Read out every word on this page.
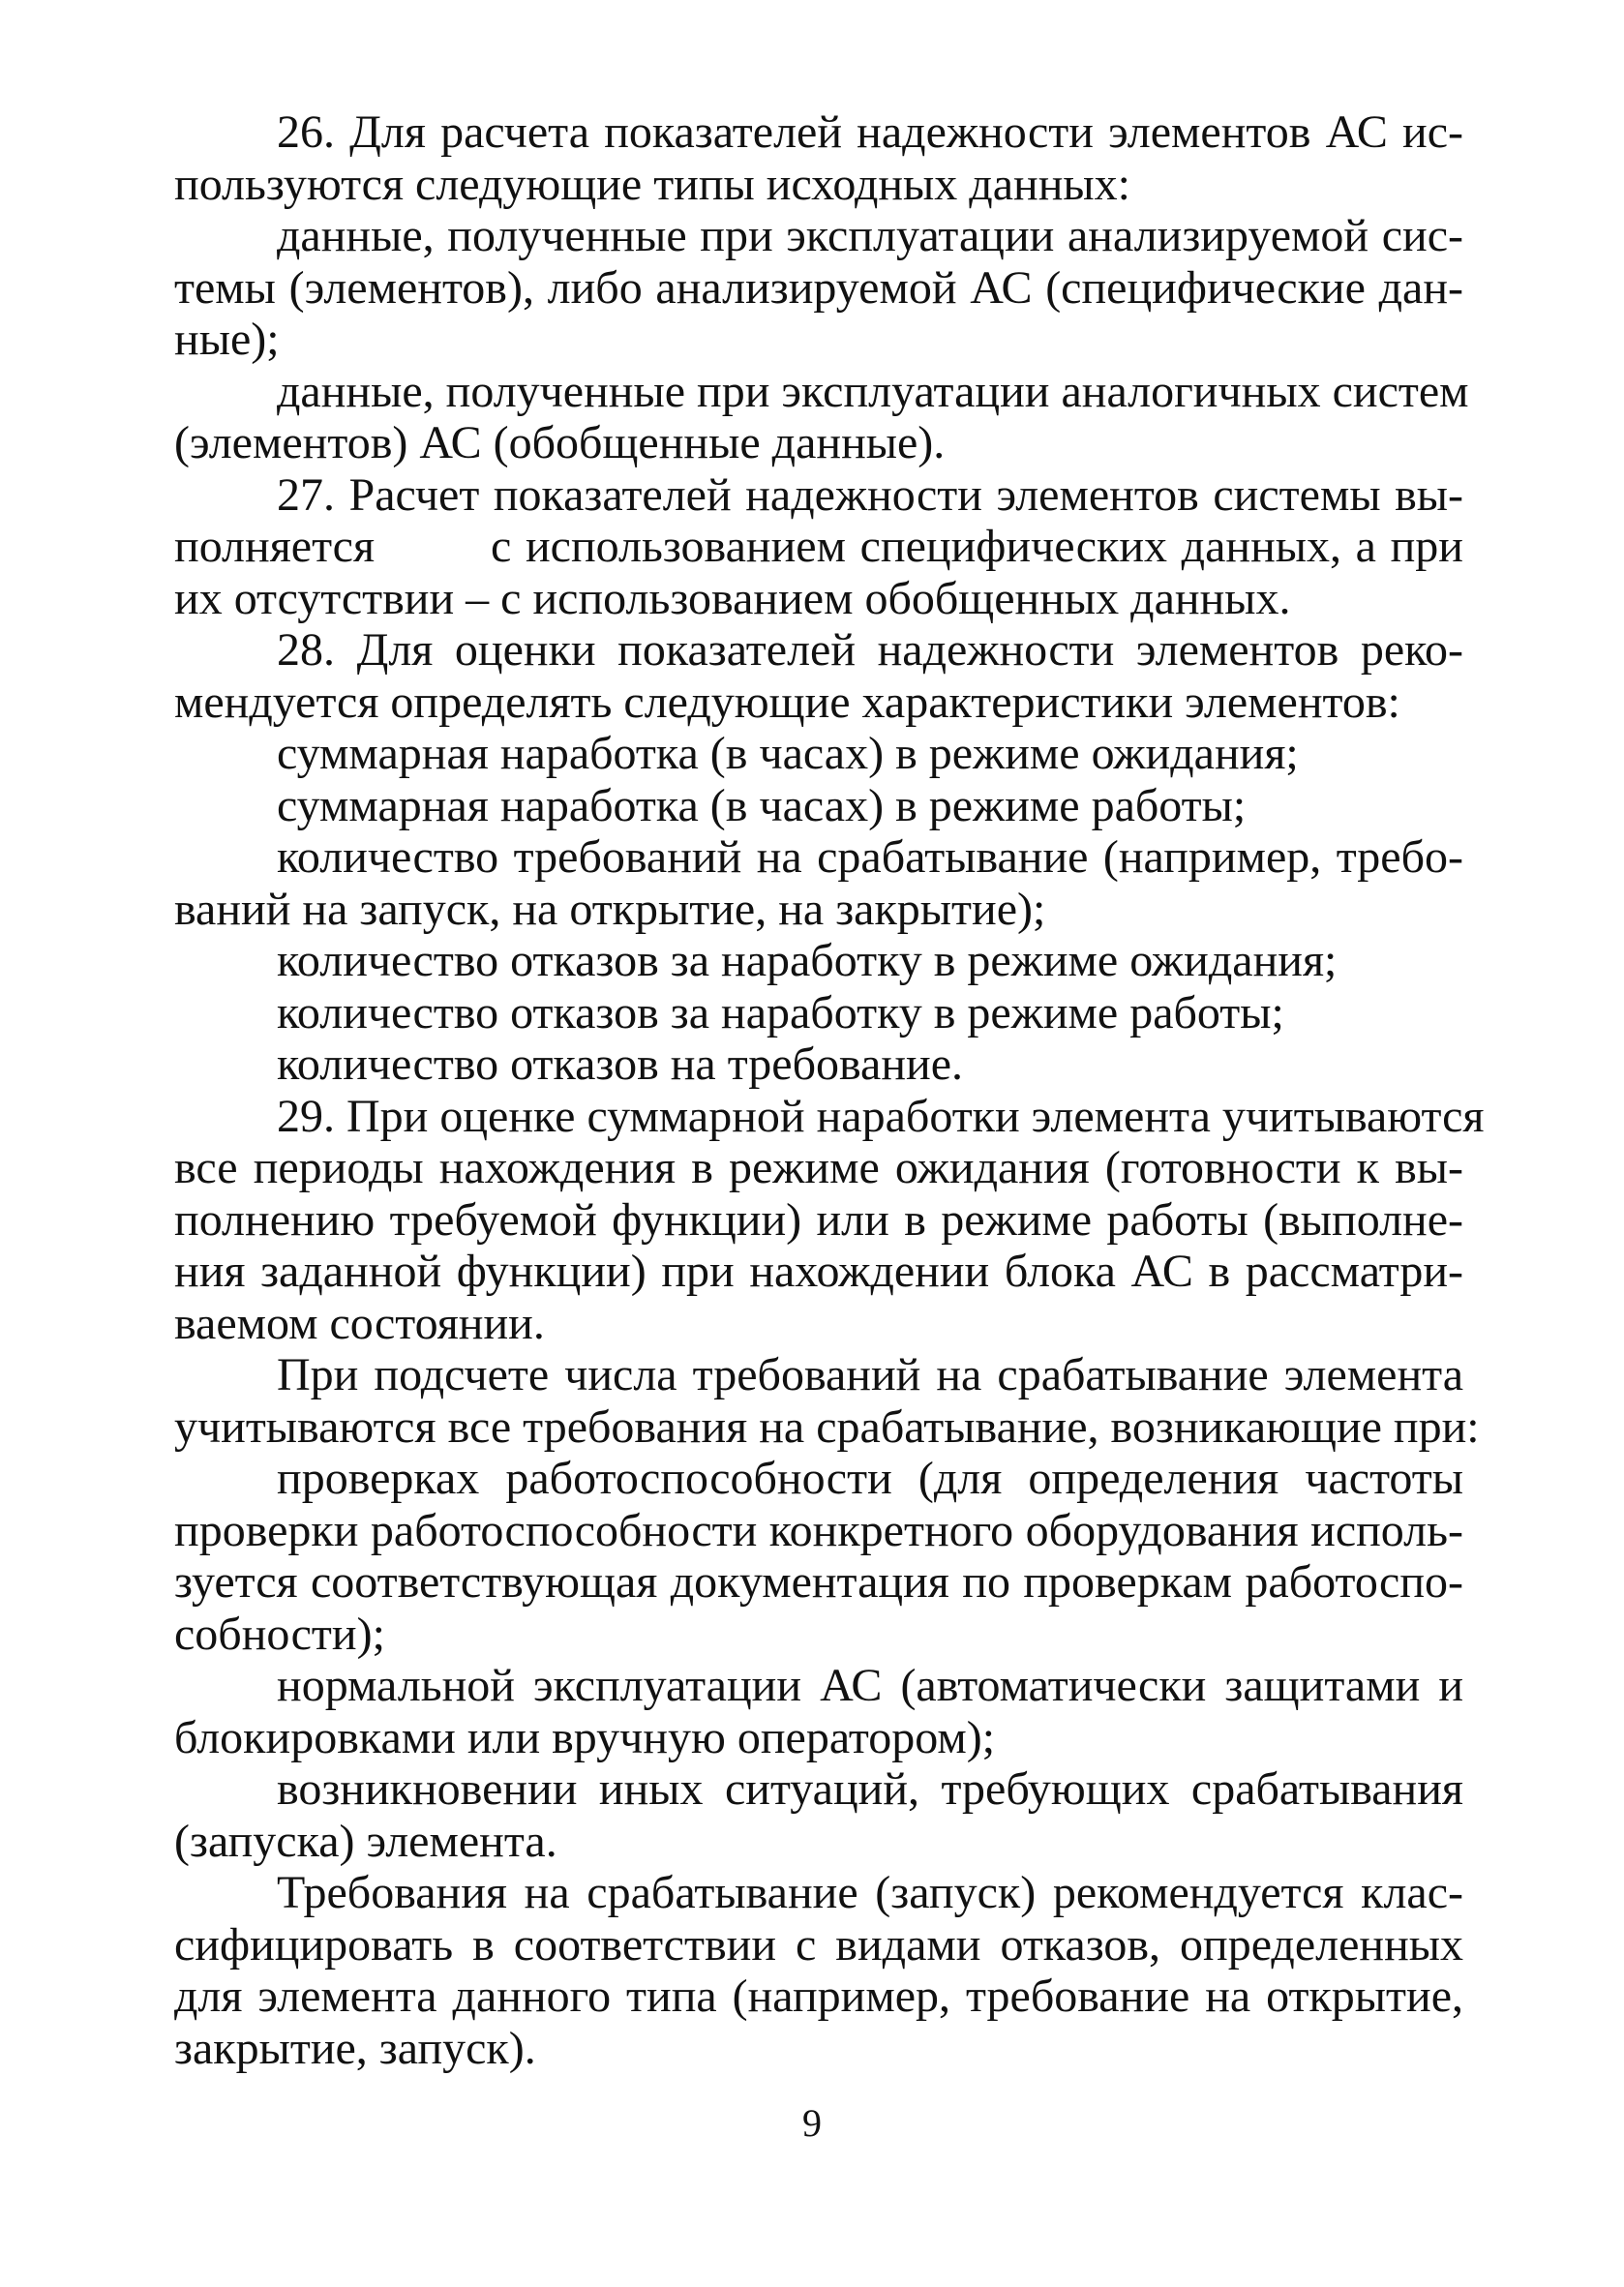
26. Для расчета показателей надежности элементов АС ис-
пользуются следующие типы исходных данных:
данные, полученные при эксплуатации анализируемой сис-
темы (элементов), либо анализируемой АС (специфические дан-
ные);
данные, полученные при эксплуатации аналогичных систем
(элементов) АС (обобщенные данные).
27. Расчет показателей надежности элементов системы вы-
полняется	с использованием специфических данных, а при
их отсутствии – с использованием обобщенных данных.
28. Для оценки показателей надежности элементов реко-
мендуется определять следующие характеристики элементов:
суммарная наработка (в часах) в режиме ожидания;
суммарная наработка (в часах) в режиме работы;
количество требований на срабатывание (например, требо-
ваний на запуск, на открытие, на закрытие);
количество отказов за наработку в режиме ожидания;
количество отказов за наработку в режиме работы;
количество отказов на требование.
29. При оценке суммарной наработки элемента учитываются
все периоды нахождения в режиме ожидания (готовности к вы-
полнению требуемой функции) или в режиме работы (выполне-
ния заданной функции) при нахождении блока АС в рассматри-
ваемом состоянии.
При подсчете числа требований на срабатывание элемента
учитываются все требования на срабатывание, возникающие при:
проверках работоспособности (для определения частоты
проверки работоспособности конкретного оборудования исполь-
зуется соответствующая документация по проверкам работоспо-
собности);
нормальной эксплуатации АС (автоматически защитами и
блокировками или вручную оператором);
возникновении иных ситуаций, требующих срабатывания
(запуска) элемента.
Требования на срабатывание (запуск) рекомендуется клас-
сифицировать в соответствии с видами отказов, определенных
для элемента данного типа (например, требование на открытие,
закрытие, запуск).
9
